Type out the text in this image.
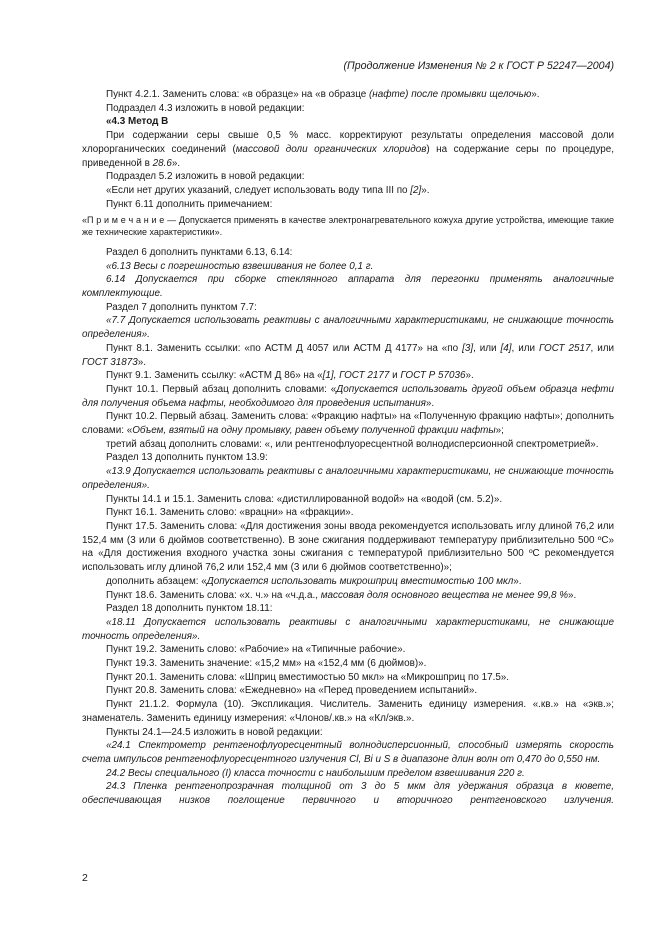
(Продолжение Изменения № 2 к ГОСТ Р 52247—2004)

Пункт 4.2.1. Заменить слова: «в образце» на «в образце (нафте) после промывки щелочью».

Подраздел 4.3 изложить в новой редакции:

«4.3 Метод В

При содержании серы свыше 0,5 % масс. корректируют результаты определения массовой доли хлорорганических соединений (массовой доли органических хлоридов) на содержание серы по процедуре, приведенной в 28.6».

Подраздел 5.2 изложить в новой редакции:

«Если нет других указаний, следует использовать воду типа III по [2]».

Пункт 6.11 дополнить примечанием:

«П р и м е ч а н и е — Допускается применять в качестве электронагревательного кожуха другие устройства, имеющие такие же технические характеристики».

Раздел 6 дополнить пунктами 6.13, 6.14:

«6.13 Весы с погрешностью взвешивания не более 0,1 г.

6.14 Допускается при сборке стеклянного аппарата для перегонки применять аналогичные комплектующие.

Раздел 7 дополнить пунктом 7.7:

«7.7 Допускается использовать реактивы с аналогичными характеристиками, не снижающие точность определения».

Пункт 8.1. Заменить ссылки: «по АСТМ Д 4057 или АСТМ Д 4177» на «по [3], или [4], или ГОСТ 2517, или ГОСТ 31873».

Пункт 9.1. Заменить ссылку: «АСТМ Д 86» на «[1], ГОСТ 2177 и ГОСТ Р 57036».

Пункт 10.1. Первый абзац дополнить словами: «Допускается использовать другой объем образца нефти для получения объема нафты, необходимого для проведения испытания».

Пункт 10.2. Первый абзац. Заменить слова: «Фракцию нафты» на «Полученную фракцию нафты»; дополнить словами: «Объем, взятый на одну промывку, равен объему полученной фракции нафты»;

третий абзац дополнить словами: «, или рентгенофлуоресцентной волнодисперсионной спектрометрией».

Раздел 13 дополнить пунктом 13.9:

«13.9 Допускается использовать реактивы с аналогичными характеристиками, не снижающие точность определения».

Пункты 14.1 и 15.1. Заменить слова: «дистиллированной водой» на «водой (см. 5.2)».

Пункт 16.1. Заменить слово: «врацни» на «фракции».

Пункт 17.5. Заменить слова: «Для достижения зоны ввода рекомендуется использовать иглу длиной 76,2 или 152,4 мм (3 или 6 дюймов соответственно). В зоне сжигания поддерживают температуру приблизительно 500 ºС» на «Для достижения входного участка зоны сжигания с температурой приблизительно 500 ºС рекомендуется использовать иглу длиной 76,2 или 152,4 мм (3 или 6 дюймов соответственно)»;

дополнить абзацем: «Допускается использовать микрошприц вместимостью 100 мкл».

Пункт 18.6. Заменить слова: «х. ч.» на «ч.д.а., массовая доля основного вещества не менее 99,8 %».

Раздел 18 дополнить пунктом 18.11:

«18.11 Допускается использовать реактивы с аналогичными характеристиками, не снижающие точность определения».

Пункт 19.2. Заменить слово: «Рабочие» на «Типичные рабочие».

Пункт 19.3. Заменить значение: «15,2 мм» на «152,4 мм (6 дюймов)».

Пункт 20.1. Заменить слова: «Шприц вместимостью 50 мкл» на «Микрошприц по 17.5».

Пункт 20.8. Заменить слова: «Ежедневно» на «Перед проведением испытаний».

Пункт 21.1.2. Формула (10). Экспликация. Числитель. Заменить единицу измерения. «.кв.» на «экв.»; знаменатель. Заменить единицу измерения: «Члонов/.кв.» на «Кл/экв.».

Пункты 24.1—24.5 изложить в новой редакции:

«24.1 Спектрометр рентгенофлуоресцентный волнодисперсионный, способный измерять скорость счета импульсов рентгенофлуоресцентного излучения Cl, Bi и S в диапазоне длин волн от 0,470 до 0,550 нм.

24.2 Весы специального (I) класса точности с наибольшим пределом взвешивания 220 г.

24.3 Пленка рентгенопрозрачная толщиной от 3 до 5 мкм для удержания образца в кювете, обеспечивающая низков поглощение первичного и вторичного рентгеновского излучения.

2
